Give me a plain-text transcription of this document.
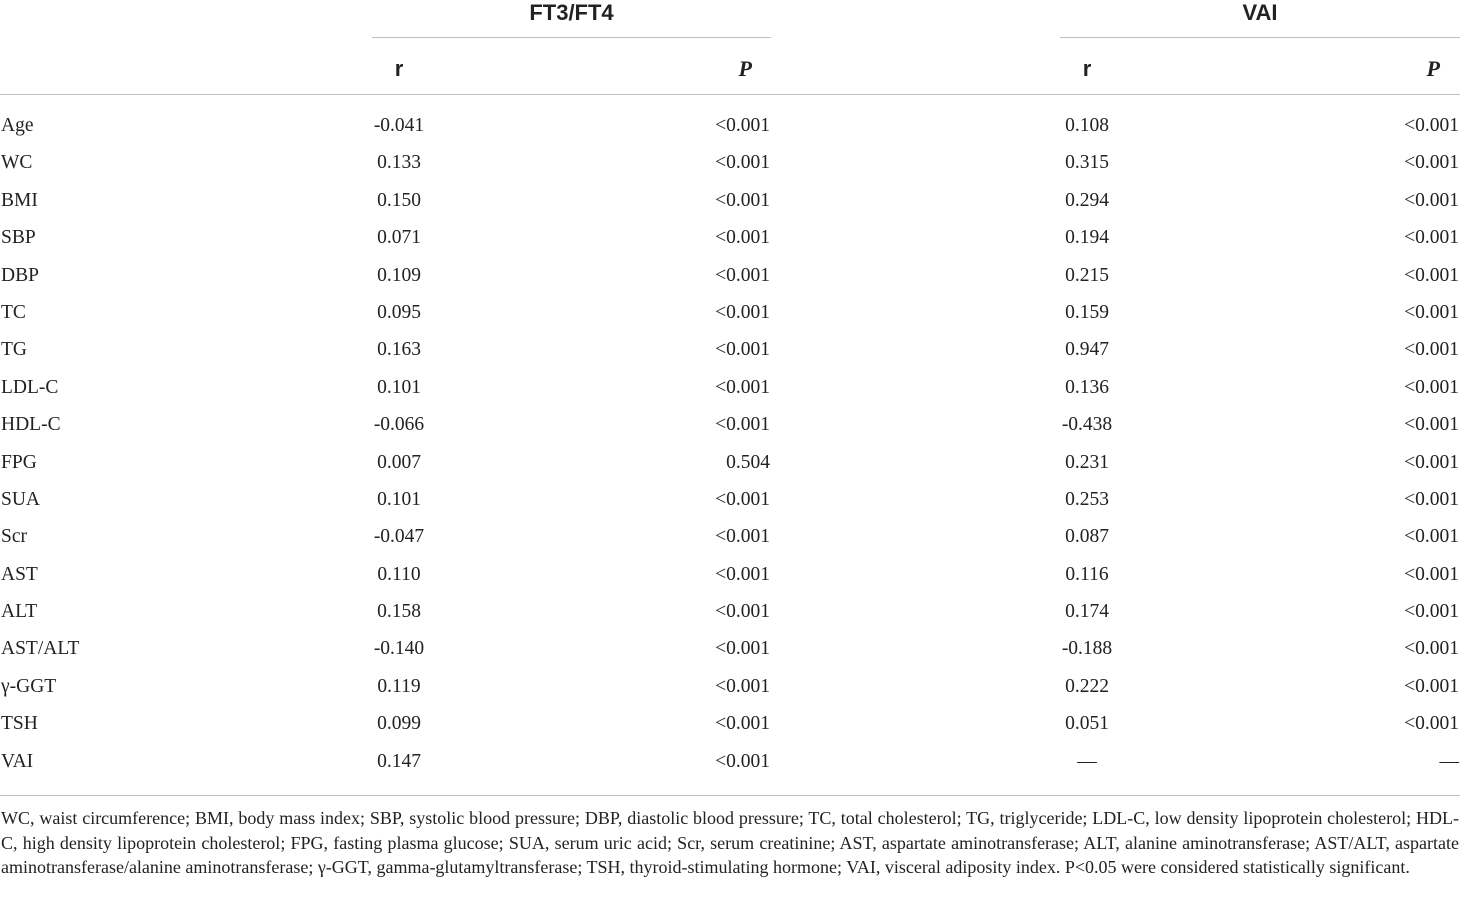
FT3/FT4	VAI
r	P	r	P
Age	-0.041	<0.001	0.108	<0.001
WC	0.133	<0.001	0.315	<0.001
BMI	0.150	<0.001	0.294	<0.001
SBP	0.071	<0.001	0.194	<0.001
DBP	0.109	<0.001	0.215	<0.001
TC	0.095	<0.001	0.159	<0.001
TG	0.163	<0.001	0.947	<0.001
LDL-C	0.101	<0.001	0.136	<0.001
HDL-C	-0.066	<0.001	-0.438	<0.001
FPG	0.007	0.504	0.231	<0.001
SUA	0.101	<0.001	0.253	<0.001
Scr	-0.047	<0.001	0.087	<0.001
AST	0.110	<0.001	0.116	<0.001
ALT	0.158	<0.001	0.174	<0.001
AST/ALT	-0.140	<0.001	-0.188	<0.001
γ-GGT	0.119	<0.001	0.222	<0.001
TSH	0.099	<0.001	0.051	<0.001
VAI	0.147	<0.001	—	—
WC, waist circumference; BMI, body mass index; SBP, systolic blood pressure; DBP, diastolic blood pressure; TC, total cholesterol; TG, triglyceride; LDL-C, low density lipoprotein cholesterol; HDL-C, high density lipoprotein cholesterol; FPG, fasting plasma glucose; SUA, serum uric acid; Scr, serum creatinine; AST, aspartate aminotransferase; ALT, alanine aminotransferase; AST/ALT, aspartate aminotransferase/alanine aminotransferase; γ-GGT, gamma-glutamyltransferase; TSH, thyroid-stimulating hormone; VAI, visceral adiposity index. P<0.05 were considered statistically significant.
